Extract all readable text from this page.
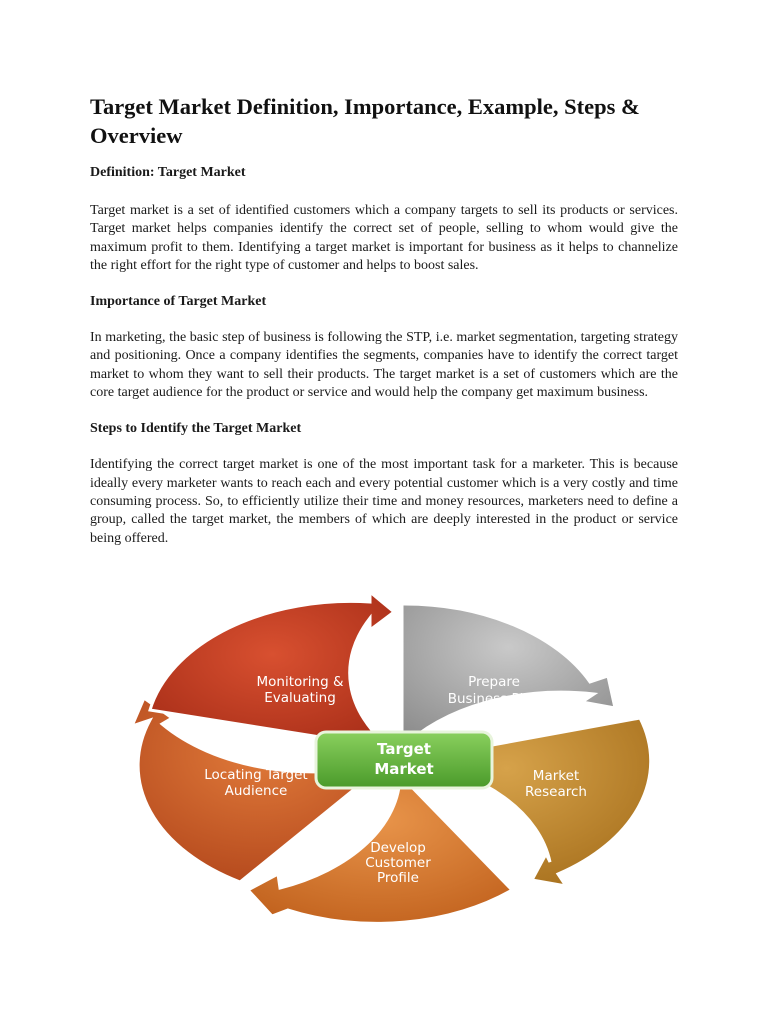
Target Market Definition, Importance, Example, Steps & Overview
Definition: Target Market

Target market is a set of identified customers which a company targets to sell its products or services. Target market helps companies identify the correct set of people, selling to whom would give the maximum profit to them. Identifying a target market is important for business as it helps to channelize the right effort for the right type of customer and helps to boost sales.

Importance of Target Market

In marketing, the basic step of business is following the STP, i.e. market segmentation, targeting strategy and positioning. Once a company identifies the segments, companies have to identify the correct target market to whom they want to sell their products. The target market is a set of customers which are the core target audience for the product or service and would help the company get maximum business.

Steps to Identify the Target Market

Identifying the correct target market is one of the most important task for a marketer. This is because ideally every marketer wants to reach each and every potential customer which is a very costly and time consuming process. So, to efficiently utilize their time and money resources, marketers need to define a group, called the target market, the members of which are deeply interested in the product or service being offered.

Prepare
Business Plan
Market
Research
Develop
Customer
Profile
Locating Target
Audience
Monitoring &
Evaluating
Target
Market
